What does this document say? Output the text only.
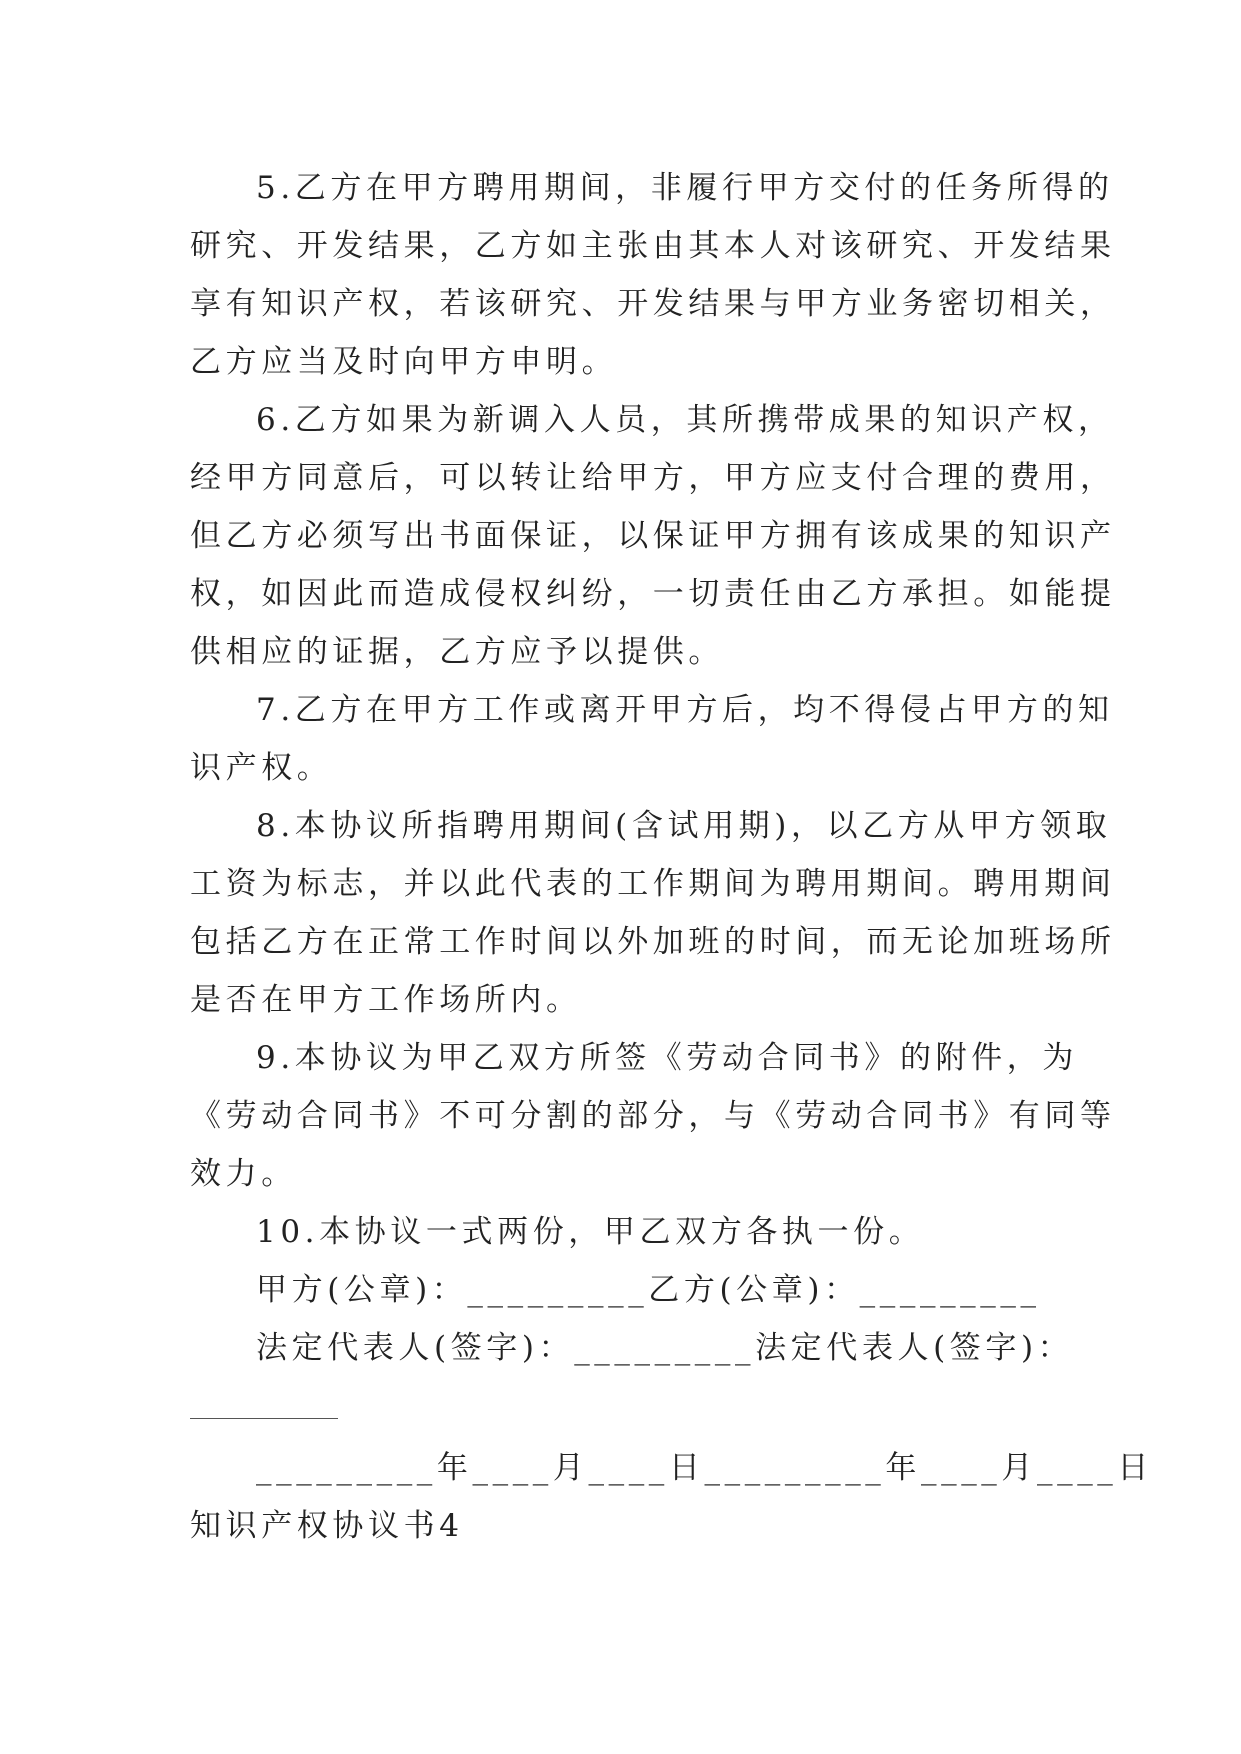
5.乙方在甲方聘用期间，非履行甲方交付的任务所得的
研究、开发结果，乙方如主张由其本人对该研究、开发结果
享有知识产权，若该研究、开发结果与甲方业务密切相关，
乙方应当及时向甲方申明。
6.乙方如果为新调入人员，其所携带成果的知识产权，
经甲方同意后，可以转让给甲方，甲方应支付合理的费用，
但乙方必须写出书面保证，以保证甲方拥有该成果的知识产
权，如因此而造成侵权纠纷，一切责任由乙方承担。如能提
供相应的证据，乙方应予以提供。
7.乙方在甲方工作或离开甲方后，均不得侵占甲方的知
识产权。
8.本协议所指聘用期间(含试用期)，以乙方从甲方领取
工资为标志，并以此代表的工作期间为聘用期间。聘用期间
包括乙方在正常工作时间以外加班的时间，而无论加班场所
是否在甲方工作场所内。
9.本协议为甲乙双方所签《劳动合同书》的附件，为
《劳动合同书》不可分割的部分，与《劳动合同书》有同等
效力。
10.本协议一式两份，甲乙双方各执一份。
甲方(公章)：_________乙方(公章)：_________
法定代表人(签字)：_________法定代表人(签字)：
_________年____月____日_________年____月____日
知识产权协议书4
